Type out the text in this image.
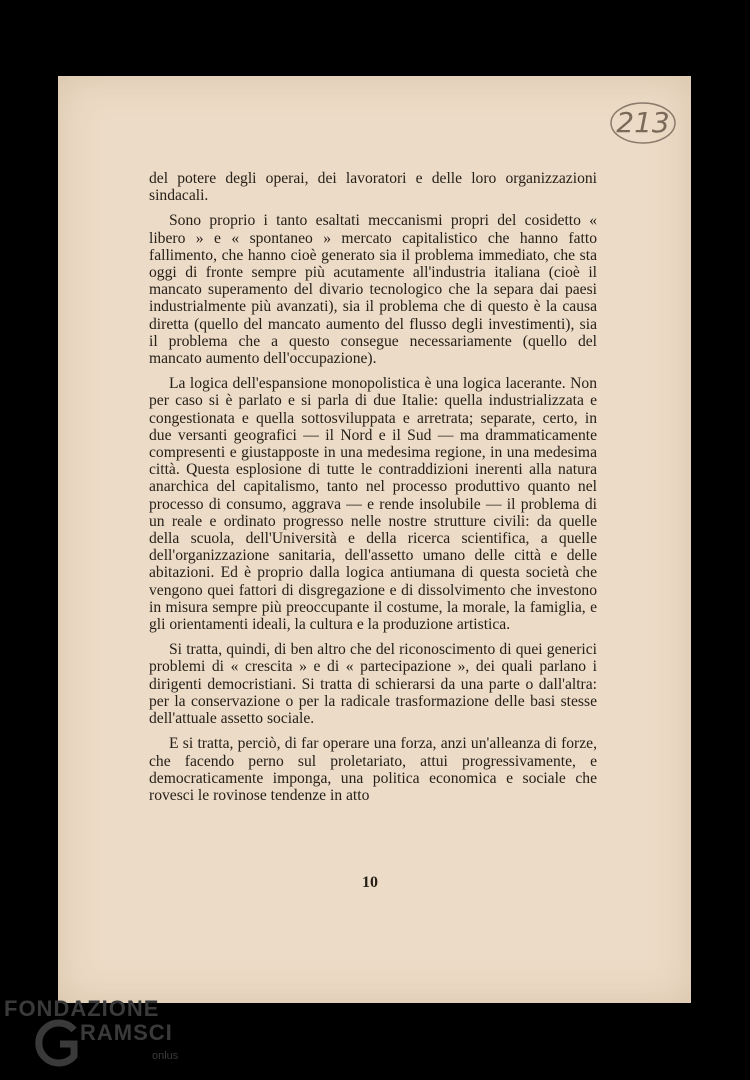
213

del potere degli operai, dei lavoratori e delle loro organizzazioni sindacali.

Sono proprio i tanto esaltati meccanismi propri del cosidetto « libero » e « spontaneo » mercato capitalistico che hanno fatto fallimento, che hanno cioè generato sia il problema immediato, che sta oggi di fronte sempre più acutamente all'industria italiana (cioè il mancato superamento del divario tecnologico che la separa dai paesi industrialmente più avanzati), sia il problema che di questo è la causa diretta (quello del mancato aumento del flusso degli investimenti), sia il problema che a questo consegue necessariamente (quello del mancato aumento dell'occupazione).

La logica dell'espansione monopolistica è una logica lacerante. Non per caso si è parlato e si parla di due Italie: quella industrializzata e congestionata e quella sottosviluppata e arretrata; separate, certo, in due versanti geografici — il Nord e il Sud — ma drammaticamente compresenti e giustapposte in una medesima regione, in una medesima città. Questa esplosione di tutte le contraddizioni inerenti alla natura anarchica del capitalismo, tanto nel processo produttivo quanto nel processo di consumo, aggrava — e rende insolubile — il problema di un reale e ordinato progresso nelle nostre strutture civili: da quelle della scuola, dell'Università e della ricerca scientifica, a quelle dell'organizzazione sanitaria, dell'assetto umano delle città e delle abitazioni. Ed è proprio dalla logica antiumana di questa società che vengono quei fattori di disgregazione e di dissolvimento che investono in misura sempre più preoccupante il costume, la morale, la famiglia, e gli orientamenti ideali, la cultura e la produzione artistica.

Si tratta, quindi, di ben altro che del riconoscimento di quei generici problemi di « crescita » e di « partecipazione », dei quali parlano i dirigenti democristiani. Si tratta di schierarsi da una parte o dall'altra: per la conservazione o per la radicale trasformazione delle basi stesse dell'attuale assetto sociale.

E si tratta, perciò, di far operare una forza, anzi un'alleanza di forze, che facendo perno sul proletariato, attui progressivamente, e democraticamente imponga, una politica economica e sociale che rovesci le rovinose tendenze in atto

10
FONDAZIONE
RAMSCI
onlus
